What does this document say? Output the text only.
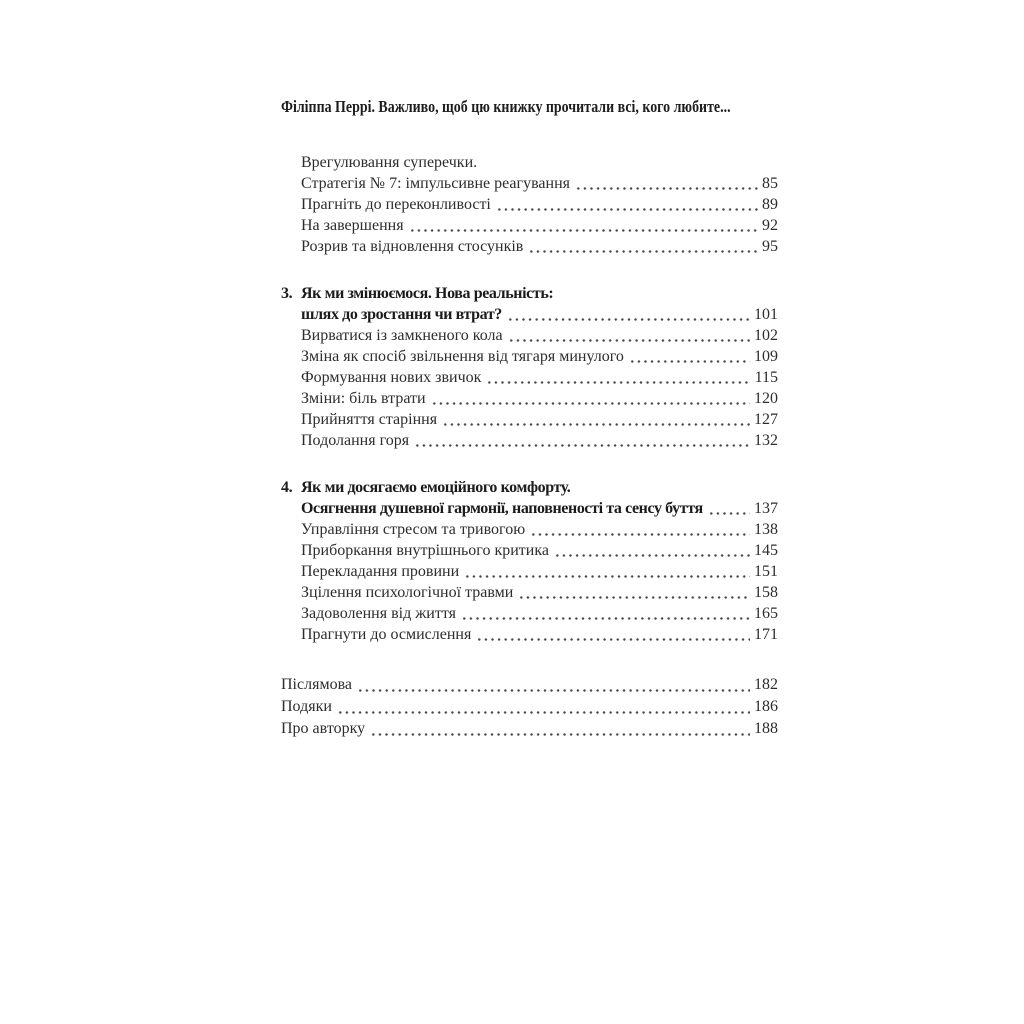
Філіппа Перрі. Важливо, щоб цю книжку прочитали всі, кого любите...
Врегулювання суперечки.
Стратегія № 7: імпульсивне реагування	85
Прагніть до переконливості	89
На завершення	92
Розрив та відновлення стосунків	95
3. Як ми змінюємося. Нова реальність:
шлях до зростання чи втрат?	101
Вирватися із замкненого кола	102
Зміна як спосіб звільнення від тягаря минулого	109
Формування нових звичок	115
Зміни: біль втрати	120
Прийняття старіння	127
Подолання горя	132
4. Як ми досягаємо емоційного комфорту.
Осягнення душевної гармонії, наповненості та сенсу буття	137
Управління стресом та тривогою	138
Приборкання внутрішнього критика	145
Перекладання провини	151
Зцілення психологічної травми	158
Задоволення від життя	165
Прагнути до осмислення	171
Післямова	182
Подяки	186
Про авторку	188
